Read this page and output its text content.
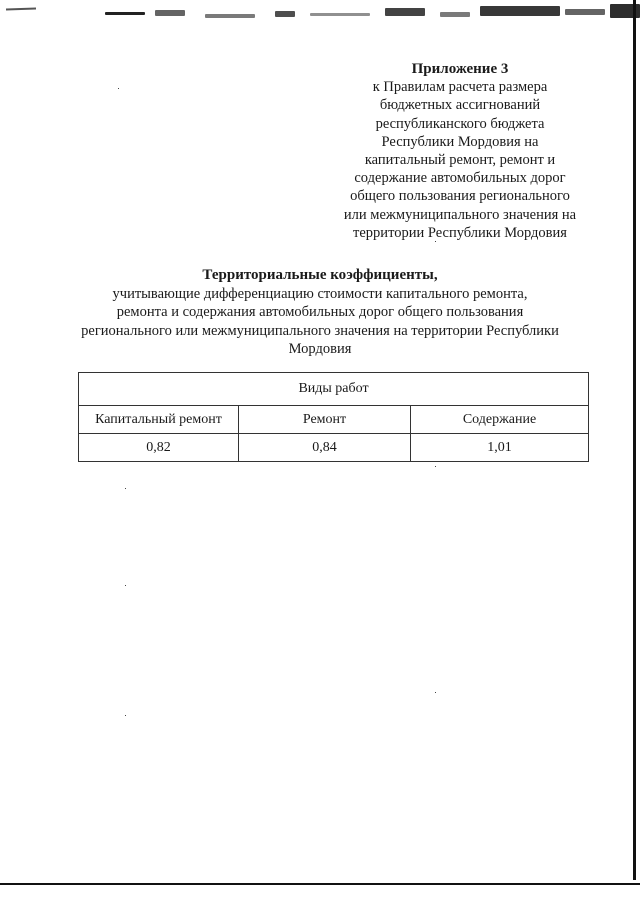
Приложение 3
к Правилам расчета размера
бюджетных ассигнований
республиканского бюджета
Республики Мордовия на
капитальный ремонт, ремонт и
содержание автомобильных дорог
общего пользования регионального
или межмуниципального значения на
территории Республики Мордовия
Территориальные коэффициенты,
учитывающие дифференциацию стоимости капитального ремонта,
ремонта и содержания автомобильных дорог общего пользования
регионального или межмуниципального значения на территории Республики
Мордовия
Виды работ		
Капитальный ремонт	Ремонт	Содержание
0,82	0,84	1,01
